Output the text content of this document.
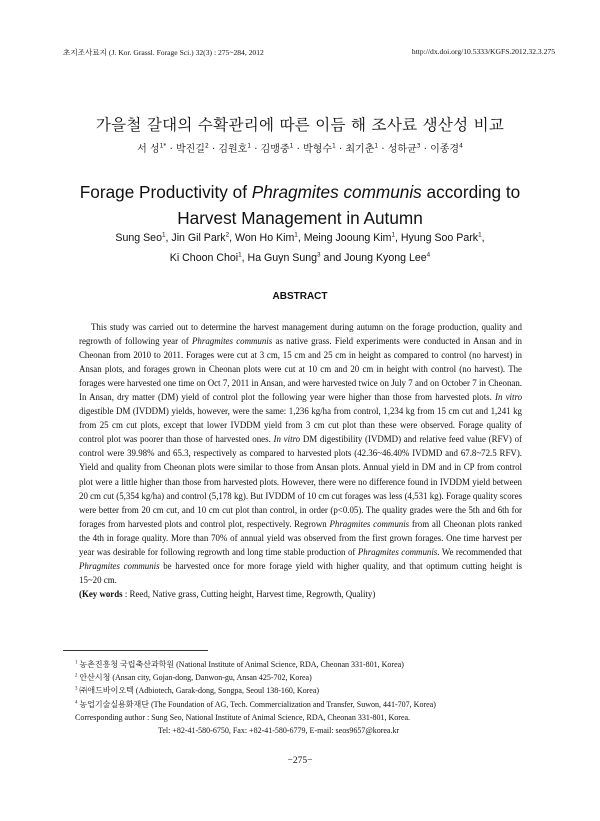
초지조사료지 (J. Kor. Grassl. Forage Sci.) 32(3) : 275~284, 2012	http://dx.doi.org/10.5333/KGFS.2012.32.3.275
가을철 갈대의 수확관리에 따른 이듬 해 조사료 생산성 비교
서 성$^{1*}$ · 박진길$^2$ · 김원호$^1$ · 김맹중$^1$ · 박형수$^1$ · 최기춘$^1$ · 성하균$^3$ · 이종경$^4$
Forage Productivity of Phragmites communis according to
Harvest Management in Autumn
Sung Seo$^1$, Jin Gil Park$^2$, Won Ho Kim$^1$, Meing Jooung Kim$^1$, Hyung Soo Park$^1$,
Ki Choon Choi$^1$, Ha Guyn Sung$^3$ and Joung Kyong Lee$^4$
ABSTRACT

This study was carried out to determine the harvest management during autumn on the forage production, quality and regrowth of following year of Phragmites communis as native grass. Field experiments were conducted in Ansan and in Cheonan from 2010 to 2011. Forages were cut at 3 cm, 15 cm and 25 cm in height as compared to control (no harvest) in Ansan plots, and forages grown in Cheonan plots were cut at 10 cm and 20 cm in height with control (no harvest). The forages were harvested one time on Oct 7, 2011 in Ansan, and were harvested twice on July 7 and on October 7 in Cheonan. In Ansan, dry matter (DM) yield of control plot the following year were higher than those from harvested plots. In vitro digestible DM (IVDDM) yields, however, were the same: 1,236 kg/ha from control, 1,234 kg from 15 cm cut and 1,241 kg from 25 cm cut plots, except that lower IVDDM yield from 3 cm cut plot than these were observed. Forage quality of control plot was poorer than those of harvested ones. In vitro DM digestibility (IVDMD) and relative feed value (RFV) of control were 39.98% and 65.3, respectively as compared to harvested plots (42.36~46.40% IVDMD and 67.8~72.5 RFV). Yield and quality from Cheonan plots were similar to those from Ansan plots. Annual yield in DM and in CP from control plot were a little higher than those from harvested plots. However, there were no difference found in IVDDM yield between 20 cm cut (5,354 kg/ha) and control (5,178 kg). But IVDDM of 10 cm cut forages was less (4,531 kg). Forage quality scores were better from 20 cm cut, and 10 cm cut plot than control, in order (p<0.05). The quality grades were the 5th and 6th for forages from harvested plots and control plot, respectively. Regrown Phragmites communis from all Cheonan plots ranked the 4th in forage quality. More than 70% of annual yield was observed from the first grown forages. One time harvest per year was desirable for following regrowth and long time stable production of Phragmites communis. We recommended that Phragmites communis be harvested once for more forage yield with higher quality, and that optimum cutting height is 15~20 cm.

(Key words : Reed, Native grass, Cutting height, Harvest time, Regrowth, Quality)
$^1$ 농촌진흥청 국립축산과학원 (National Institute of Animal Science, RDA, Cheonan 331-801, Korea)
$^2$ 안산시청 (Ansan city, Gojan-dong, Danwon-gu, Ansan 425-702, Korea)
$^3$ ㈜애드바이오텍 (Adbiotech, Garak-dong, Songpa, Seoul 138-160, Korea)
$^4$ 농업기술실용화재단 (The Foundation of AG, Tech. Commercialization and Transfer, Suwon, 441-707, Korea)
Corresponding author : Sung Seo, National Institute of Animal Science, RDA, Cheonan 331-801, Korea.
Tel: +82-41-580-6750, Fax: +82-41-580-6779, E-mail: seos9657@korea.kr
−275−
